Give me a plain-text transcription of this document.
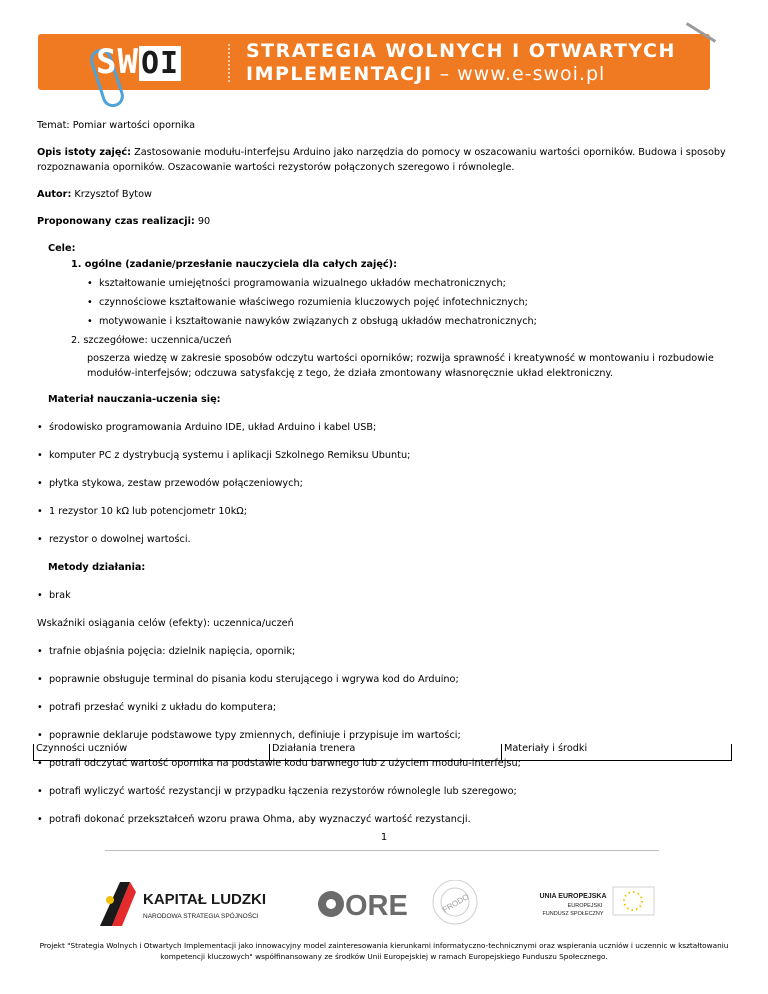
SWOI	STRATEGIA WOLNYCH I OTWARTYCH
IMPLEMENTACJI – www.e-swoi.pl

Temat: Pomiar wartości opornika

Opis istoty zajęć: Zastosowanie modułu-interfejsu Arduino jako narzędzia do pomocy w oszacowaniu wartości oporników. Budowa i sposoby rozpoznawania oporników. Oszacowanie wartości rezystorów połączonych szeregowo i równolegle.

Autor: Krzysztof Bytow

Proponowany czas realizacji: 90

Cele:

1. ogólne (zadanie/przesłanie nauczyciela dla całych zajęć):

• kształtowanie umiejętności programowania wizualnego układów mechatronicznych;

• czynnościowe kształtowanie właściwego rozumienia kluczowych pojęć infotechnicznych;

• motywowanie i kształtowanie nawyków związanych z obsługą układów mechatronicznych;

2. szczegółowe: uczennica/uczeń

poszerza wiedzę w zakresie sposobów odczytu wartości oporników; rozwija sprawność i kreatywność w montowaniu i rozbudowie modułów-interfejsów; odczuwa satysfakcję z tego, że działa zmontowany własnoręcznie układ elektroniczny.

Materiał nauczania-uczenia się:

• środowisko programowania Arduino IDE, układ Arduino i kabel USB;

• komputer PC z dystrybucją systemu i aplikacji Szkolnego Remiksu Ubuntu;

• płytka stykowa, zestaw przewodów połączeniowych;

• 1 rezystor 10 kΩ lub potencjometr 10kΩ;

• rezystor o dowolnej wartości.

Metody działania:

• brak

Wskaźniki osiągania celów (efekty): uczennica/uczeń

• trafnie objaśnia pojęcia: dzielnik napięcia, opornik;

• poprawnie obsługuje terminal do pisania kodu sterującego i wgrywa kod do Arduino;

• potrafi przesłać wyniki z układu do komputera;

• poprawnie deklaruje podstawowe typy zmiennych, definiuje i przypisuje im wartości;

• potrafi odczytać wartość opornika na podstawie kodu barwnego lub z użyciem modułu-interfejsu;

• potrafi wyliczyć wartość rezystancji w przypadku łączenia rezystorów równolegle lub szeregowo;

• potrafi dokonać przekształceń wzoru prawa Ohma, aby wyznaczyć wartość rezystancji.

Czynności uczniów	Działania trenera	Materiały i środki
1
KAPITAŁ LUDZKI
NARODOWA STRATEGIA SPÓJNOŚCI	ORE	FRODO	UNIA EUROPEJSKA
EUROPEJSKI
FUNDUSZ SPOŁECZNY
Projekt "Strategia Wolnych i Otwartych Implementacji jako innowacyjny model zainteresowania kierunkami informatyczno-technicznymi oraz wspierania uczniów i uczennic w kształtowaniu kompetencji kluczowych" współfinansowany ze środków Unii Europejskiej w ramach Europejskiego Funduszu Społecznego.
